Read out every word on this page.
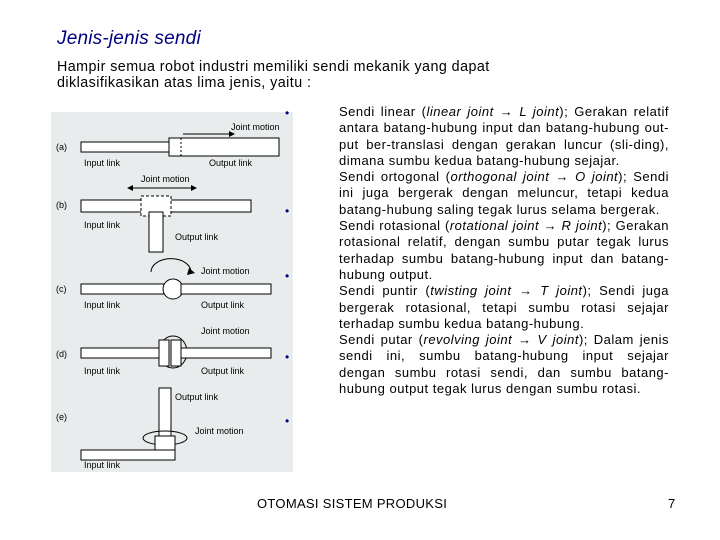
Jenis-jenis sendi
Hampir semua robot industri memiliki sendi mekanik yang dapat
diklasifikasikan atas lima jenis, yaitu :
(a)
(b)
(c)
(d)
(e)
Joint motion
Input link	Output link
Joint motion
Input link
Output link
Joint motion
Input link	Output link
Joint motion
Input link	Output link
Output link
Joint motion
Input link
•
•
•
•
•

Sendi linear (linear joint → L joint); Gerakan relatif antara batang-hubung input dan batang-hubung out-put ber-translasi dengan gerakan luncur (sli-ding), dimana sumbu kedua batang-hubung sejajar.

Sendi ortogonal (orthogonal joint → O joint); Sendi ini juga bergerak dengan meluncur, tetapi kedua batang-hubung saling tegak lurus selama bergerak.

Sendi rotasional (rotational joint → R joint); Gerakan rotasional relatif, dengan sumbu putar tegak lurus terhadap sumbu batang-hubung input dan batang-hubung output.

Sendi puntir (twisting joint → T joint); Sendi juga bergerak rotasional, tetapi sumbu rotasi sejajar terhadap sumbu kedua batang-hubung.

Sendi putar (revolving joint → V joint); Dalam jenis sendi ini, sumbu batang-hubung input sejajar dengan sumbu rotasi sendi, dan sumbu batang-hubung output tegak lurus dengan sumbu rotasi.

OTOMASI SISTEM PRODUKSI	7
